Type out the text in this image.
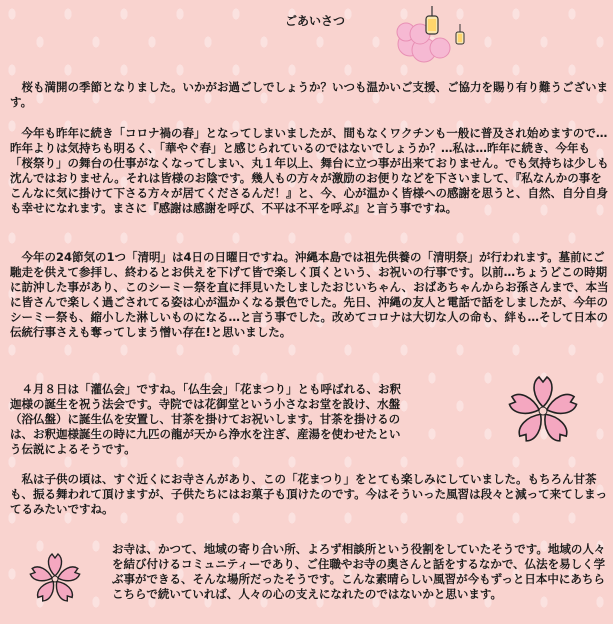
ごあいさつ

　桜も満開の季節となりました。いかがお過ごしでしょうか？いつも温かいご支援、ご協力を賜り有り難うございます。

　今年も昨年に続き「コロナ禍の春」となってしまいましたが、間もなくワクチンも一般に普及され始めますので…昨年よりは気持ちも明るく、「華やぐ春」と感じられているのではないでしょうか？…私は…昨年に続き、今年も「桜祭り」の舞台の仕事がなくなってしまい、丸１年以上、舞台に立つ事が出来ておりません。でも気持ちは少しも沈んではおりません。それは皆様のお陰です。幾人もの方々が激励のお便りなどを下さいまして、『私なんかの事をこんなに気に掛けて下さる方々が居てくださるんだ！』と、今、心が温かく皆様への感謝を思うと、自然、自分自身も幸せになれます。まさに『感謝は感謝を呼び、不平は不平を呼ぶ』と言う事ですね。

　今年の24節気の1つ「清明」は4日の日曜日ですね。沖縄本島では祖先供養の「清明祭」が行われます。墓前にご馳走を供えて参拝し、終わるとお供えを下げて皆で楽しく頂くという、お祝いの行事です。以前…ちょうどこの時期に訪沖した事があり、このシーミー祭を直に拝見いたしましたおじいちゃん、おばあちゃんからお孫さんまで、本当に皆さんで楽しく過ごされてる姿は心が温かくなる景色でした。先日、沖縄の友人と電話で話をしましたが、今年のシーミー祭も、縮小した淋しいものになる…と言う事でした。改めてコロナは大切な人の命も、絆も…そして日本の伝統行事さえも奪ってしまう憎い存在!と思いました。

　４月８日は「灌仏会」ですね。「仏生会」「花まつり」とも呼ばれる、お釈迦様の誕生を祝う法会です。寺院では花御堂という小さなお堂を設け、水盤（浴仏盤）に誕生仏を安置し、甘茶を掛けてお祝いします。甘茶を掛けるのは、お釈迦様誕生の時に九匹の龍が天から浄水を注ぎ、産湯を使わせたという伝説によるそうです。

　私は子供の頃は、すぐ近くにお寺さんがあり、この「花まつり」をとても楽しみにしていました。もちろん甘茶も、振る舞われて頂けますが、子供たちにはお菓子も頂けたのです。今はそういった風習は段々と減って来てしまってるみたいですね。

お寺は、かつて、地域の寄り合い所、よろず相談所という役割をしていたそうです。地域の人々を結び付けるコミュニティーであり、ご住職やお寺の奥さんと話をするなかで、仏法を易しく学ぶ事ができる、そんな場所だったそうです。こんな素晴らしい風習が今もずっと日本中にあちらこちらで続いていれば、人々の心の支えになれたのではないかと思います。
